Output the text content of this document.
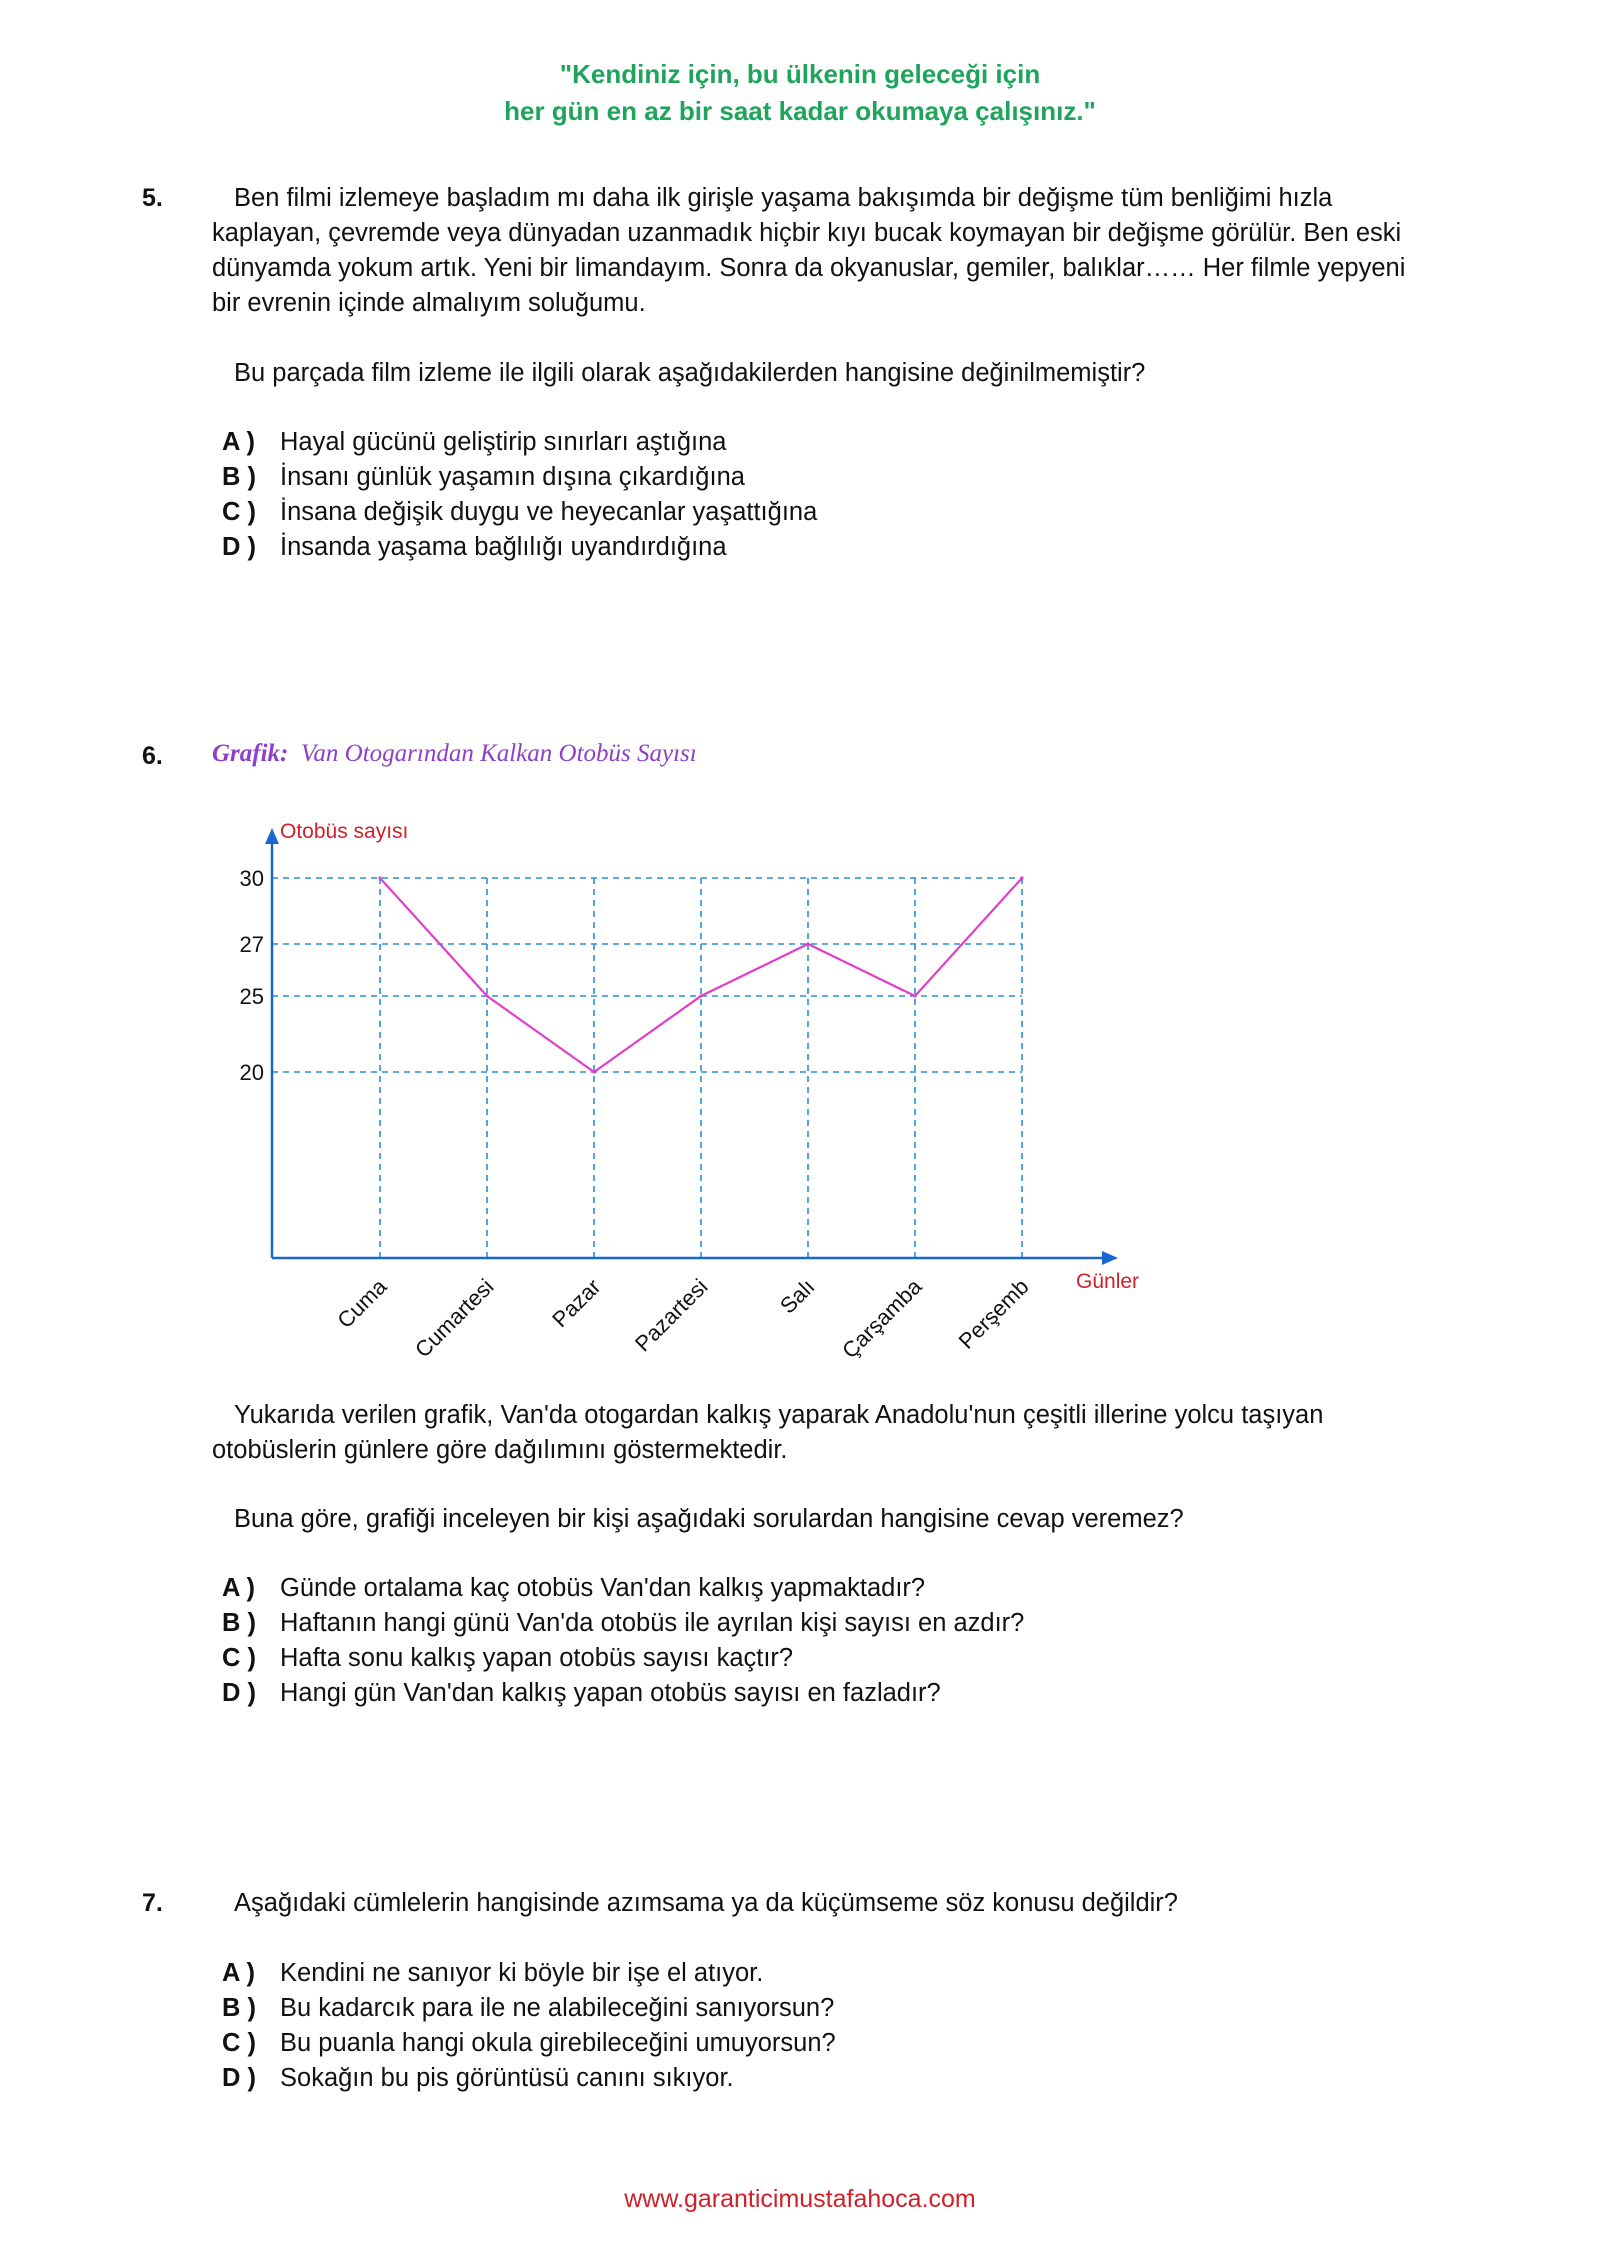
"Kendiniz için, bu ülkenin geleceği için
her gün en az bir saat kadar okumaya çalışınız."
5.	Ben filmi izlemeye başladım mı daha ilk girişle yaşama bakışımda bir değişme tüm benliğimi hızla kaplayan, çevremde veya dünyadan uzanmadık hiçbir kıyı bucak koymayan bir değişme görülür. Ben eski dünyamda yokum artık. Yeni bir limandayım. Sonra da okyanuslar, gemiler, balıklar…… Her filmle yepyeni bir evrenin içinde almalıyım soluğumu.

Bu parçada film izleme ile ilgili olarak aşağıdakilerden hangisine değinilmemiştir?

A ) Hayal gücünü geliştirip sınırları aştığına
B ) İnsanı günlük yaşamın dışına çıkardığına
C ) İnsana değişik duygu ve heyecanlar yaşattığına
D ) İnsanda yaşama bağlılığı uyandırdığına
6. Grafik: Van Otogarından Kalkan Otobüs Sayısı
20
25
27
30
Otobüs sayısı
Günler
Cuma Cumartesi Pazar Pazartesi	Salı Çarşamba Perşemb

Yukarıda verilen grafik, Van'da otogardan kalkış yaparak Anadolu'nun çeşitli illerine yolcu taşıyan otobüslerin günlere göre dağılımını göstermektedir.

Buna göre, grafiği inceleyen bir kişi aşağıdaki sorulardan hangisine cevap veremez?

A ) Günde ortalama kaç otobüs Van'dan kalkış yapmaktadır?
B ) Haftanın hangi günü Van'da otobüs ile ayrılan kişi sayısı en azdır?
C ) Hafta sonu kalkış yapan otobüs sayısı kaçtır?
D ) Hangi gün Van'dan kalkış yapan otobüs sayısı en fazladır?
7.	Aşağıdaki cümlelerin hangisinde azımsama ya da küçümseme söz konusu değildir?

A ) Kendini ne sanıyor ki böyle bir işe el atıyor.
B ) Bu kadarcık para ile ne alabileceğini sanıyorsun?
C ) Bu puanla hangi okula girebileceğini umuyorsun?
D ) Sokağın bu pis görüntüsü canını sıkıyor.
www.garanticimustafahoca.com
